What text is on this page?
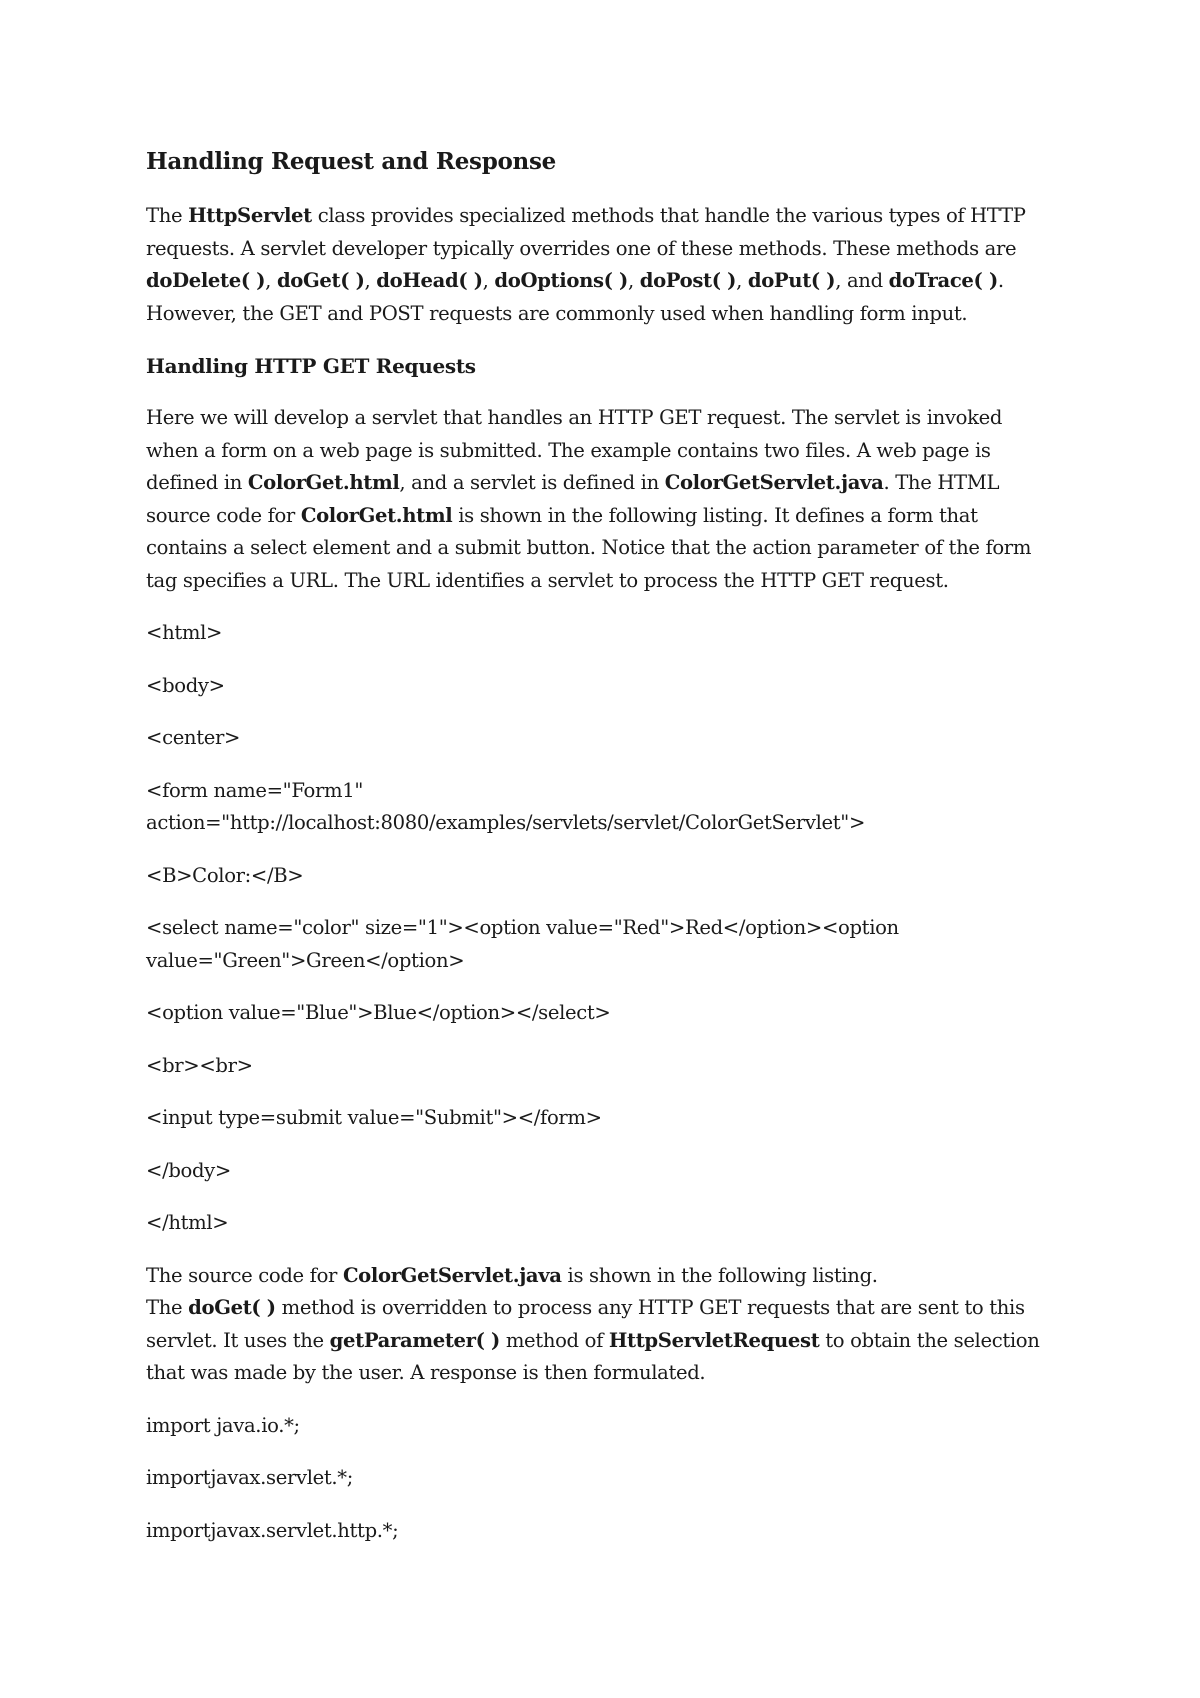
Handling Request and Response

The HttpServlet class provides specialized methods that handle the various types of HTTP requests. A servlet developer typically overrides one of these methods. These methods are doDelete( ), doGet( ), doHead( ), doOptions( ), doPost( ), doPut( ), and doTrace( ). However, the GET and POST requests are commonly used when handling form input.

Handling HTTP GET Requests

Here we will develop a servlet that handles an HTTP GET request. The servlet is invoked when a form on a web page is submitted. The example contains two files. A web page is defined in ColorGet.html, and a servlet is defined in ColorGetServlet.java. The HTML source code for ColorGet.html is shown in the following listing. It defines a form that contains a select element and a submit button. Notice that the action parameter of the form tag specifies a URL. The URL identifies a servlet to process the HTTP GET request.

<html>

<body>

<center>

<form name="Form1" action="http://localhost:8080/examples/servlets/servlet/ColorGetServlet">

<B>Color:</B>

<select name="color" size="1"><option value="Red">Red</option><option value="Green">Green</option>

<option value="Blue">Blue</option></select>

<br><br>

<input type=submit value="Submit"></form>

</body>

</html>

The source code for ColorGetServlet.java is shown in the following listing.
The doGet( ) method is overridden to process any HTTP GET requests that are sent to this servlet. It uses the getParameter( ) method of HttpServletRequest to obtain the selection that was made by the user. A response is then formulated.

import java.io.*;

importjavax.servlet.*;

importjavax.servlet.http.*;
